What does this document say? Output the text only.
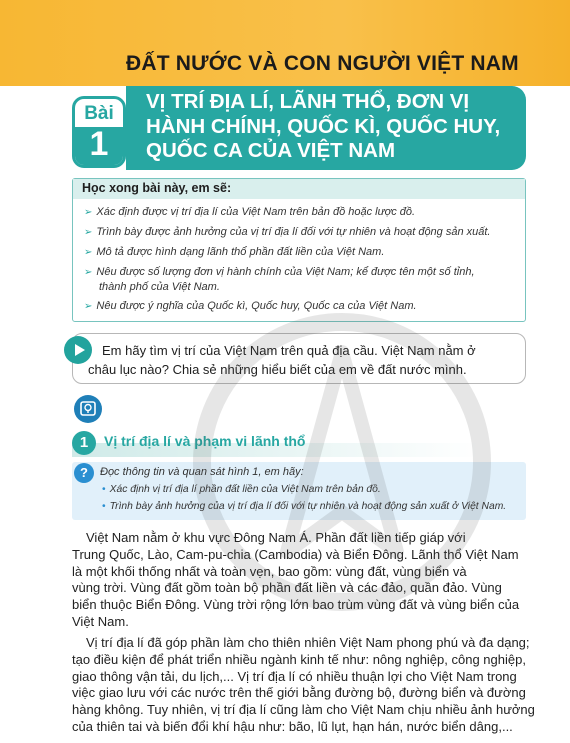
ĐẤT NƯỚC VÀ CON NGƯỜI VIỆT NAM
VỊ TRÍ ĐỊA LÍ, LÃNH THỔ, ĐƠN VỊ
HÀNH CHÍNH, QUỐC KÌ, QUỐC HUY,
QUỐC CA CỦA VIỆT NAM
Bài
1
Học xong bài này, em sẽ:
➢ Xác định được vị trí địa lí của Việt Nam trên bản đồ hoặc lược đồ.
➢ Trình bày được ảnh hưởng của vị trí địa lí đối với tự nhiên và hoạt động sản xuất.
➢ Mô tả được hình dạng lãnh thổ phần đất liền của Việt Nam.
➢ Nêu được số lượng đơn vị hành chính của Việt Nam; kể được tên một số tỉnh,
thành phố của Việt Nam.
➢ Nêu được ý nghĩa của Quốc kì, Quốc huy, Quốc ca của Việt Nam.
Em hãy tìm vị trí của Việt Nam trên quả địa cầu. Việt Nam nằm ở
châu lục nào? Chia sẻ những hiểu biết của em về đất nước mình.
1	Vị trí địa lí và phạm vi lãnh thổ
?	Đọc thông tin và quan sát hình 1, em hãy:
• Xác định vị trí địa lí phần đất liền của Việt Nam trên bản đồ.
• Trình bày ảnh hưởng của vị trí địa lí đối với tự nhiên và hoạt động sản xuất ở Việt Nam.
Việt Nam nằm ở khu vực Đông Nam Á. Phần đất liền tiếp giáp với
Trung Quốc, Lào, Cam-pu-chia (Cambodia) và Biển Đông. Lãnh thổ Việt Nam
là một khối thống nhất và toàn vẹn, bao gồm: vùng đất, vùng biển và
vùng trời. Vùng đất gồm toàn bộ phần đất liền và các đảo, quần đảo. Vùng
biển thuộc Biển Đông. Vùng trời rộng lớn bao trùm vùng đất và vùng biển của
Việt Nam.
Vị trí địa lí đã góp phần làm cho thiên nhiên Việt Nam phong phú và đa dạng;
tạo điều kiện để phát triển nhiều ngành kinh tế như: nông nghiệp, công nghiệp,
giao thông vận tải, du lịch,... Vị trí địa lí có nhiều thuận lợi cho Việt Nam trong
việc giao lưu với các nước trên thế giới bằng đường bộ, đường biển và đường
hàng không. Tuy nhiên, vị trí địa lí cũng làm cho Việt Nam chịu nhiều ảnh hưởng
của thiên tai và biến đổi khí hậu như: bão, lũ lụt, hạn hán, nước biển dâng,...
